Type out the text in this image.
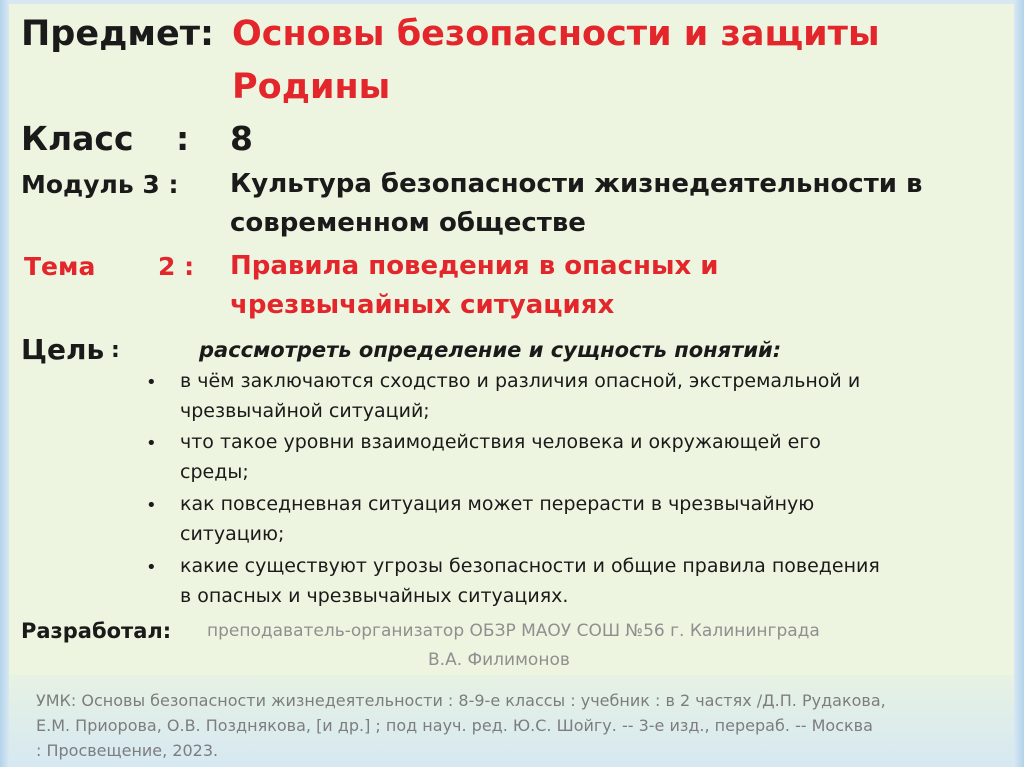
Предмет: Основы безопасности и защиты
Родины
Класс : 8
Модуль 3 : Культура безопасности жизнедеятельности в
современном обществе
Тема	2 : Правила поведения в опасных и
чрезвычайных ситуациях
Цель :	рассмотреть определение и сущность понятий:
• в чём заключаются сходство и различия опасной, экстремальной и
чрезвычайной ситуаций;
• что такое уровни взаимодействия человека и окружающей его
среды;
• как повседневная ситуация может перерасти в чрезвычайную
ситуацию;
• какие существуют угрозы безопасности и общие правила поведения
в опасных и чрезвычайных ситуациях.
Разработал: преподаватель-организатор ОБЗР МАОУ СОШ №56 г. Калининграда
В.А. Филимонов
УМК: Основы безопасности жизнедеятельности : 8-9-е классы : учебник : в 2 частях /Д.П. Рудакова,
Е.М. Приорова, О.В. Позднякова, [и др.] ; под науч. ред. Ю.С. Шойгу. -- 3-е изд., перераб. -- Москва
: Просвещение, 2023.
